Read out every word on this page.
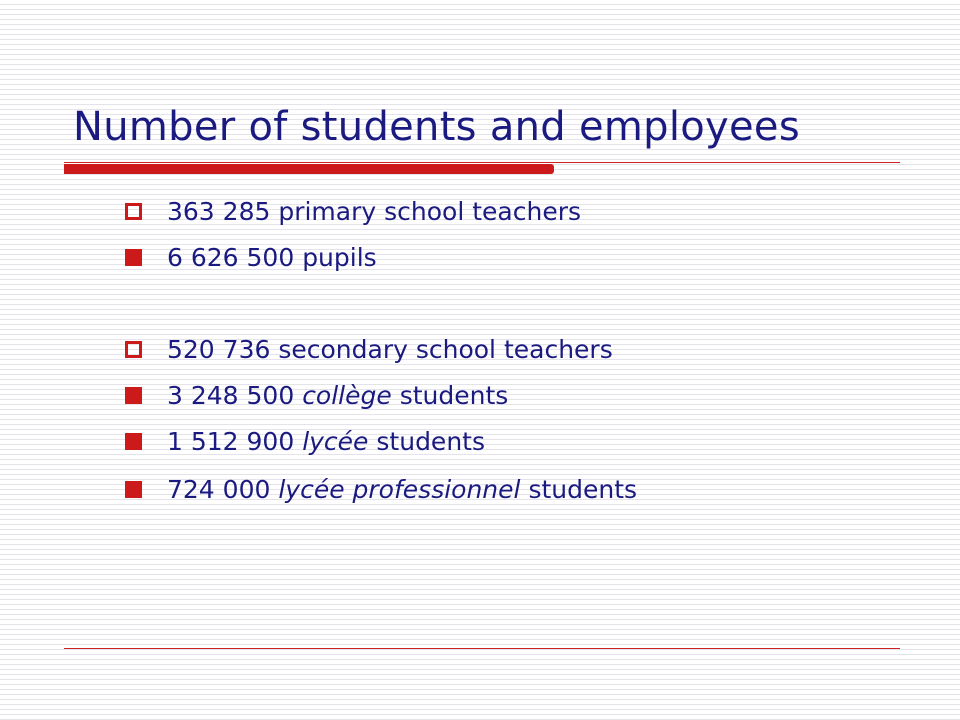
Number of students and employees
363 285 primary school teachers
6 626 500 pupils
520 736 secondary school teachers
3 248 500 collège students
1 512 900 lycée students
724 000 lycée professionnel students
